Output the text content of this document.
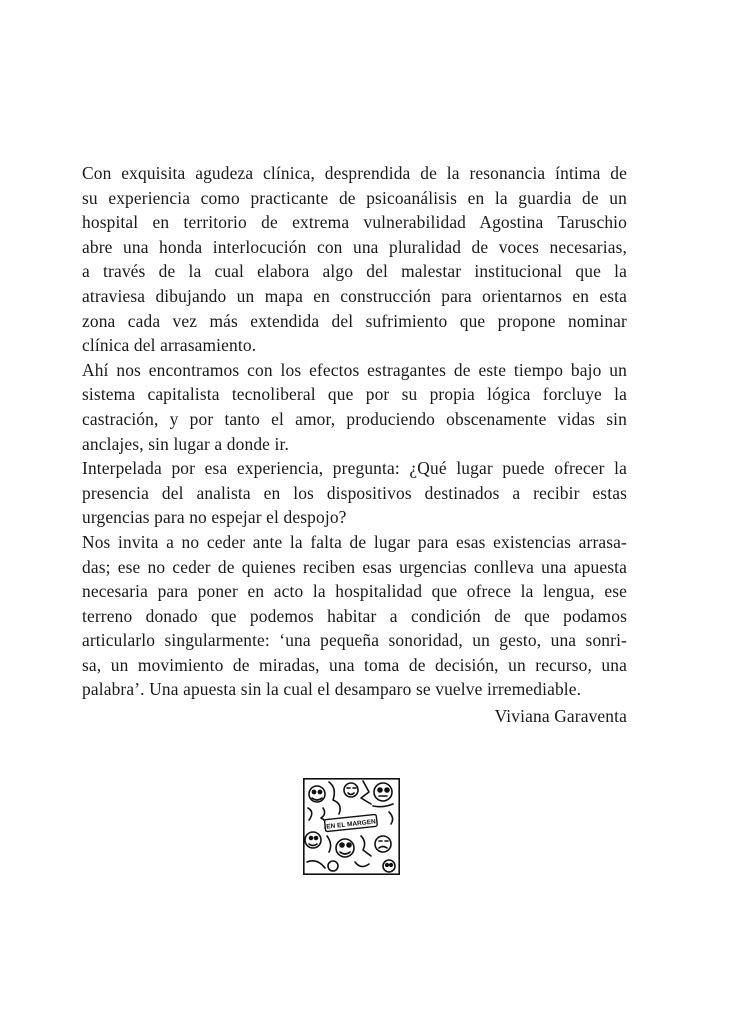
Con exquisita agudeza clínica, desprendida de la resonancia íntima de
su experiencia como practicante de psicoanálisis en la guardia de un
hospital en territorio de extrema vulnerabilidad Agostina Taruschio
abre una honda interlocución con una pluralidad de voces necesarias,
a través de la cual elabora algo del malestar institucional que la
atraviesa dibujando un mapa en construcción para orientarnos en esta
zona cada vez más extendida del sufrimiento que propone nominar
clínica del arrasamiento.

Ahí nos encontramos con los efectos estragantes de este tiempo bajo un
sistema capitalista tecnoliberal que por su propia lógica forcluye la
castración, y por tanto el amor, produciendo obscenamente vidas sin
anclajes, sin lugar a donde ir.

Interpelada por esa experiencia, pregunta: ¿Qué lugar puede ofrecer la
presencia del analista en los dispositivos destinados a recibir estas
urgencias para no espejar el despojo?

Nos invita a no ceder ante la falta de lugar para esas existencias arrasa-
das; ese no ceder de quienes reciben esas urgencias conlleva una apuesta
necesaria para poner en acto la hospitalidad que ofrece la lengua, ese
terreno donado que podemos habitar a condición de que podamos
articularlo singularmente: ‘una pequeña sonoridad, un gesto, una sonri-
sa, un movimiento de miradas, una toma de decisión, un recurso, una
palabra’. Una apuesta sin la cual el desamparo se vuelve irremediable.

Viviana Garaventa
EN EL MARGEN
